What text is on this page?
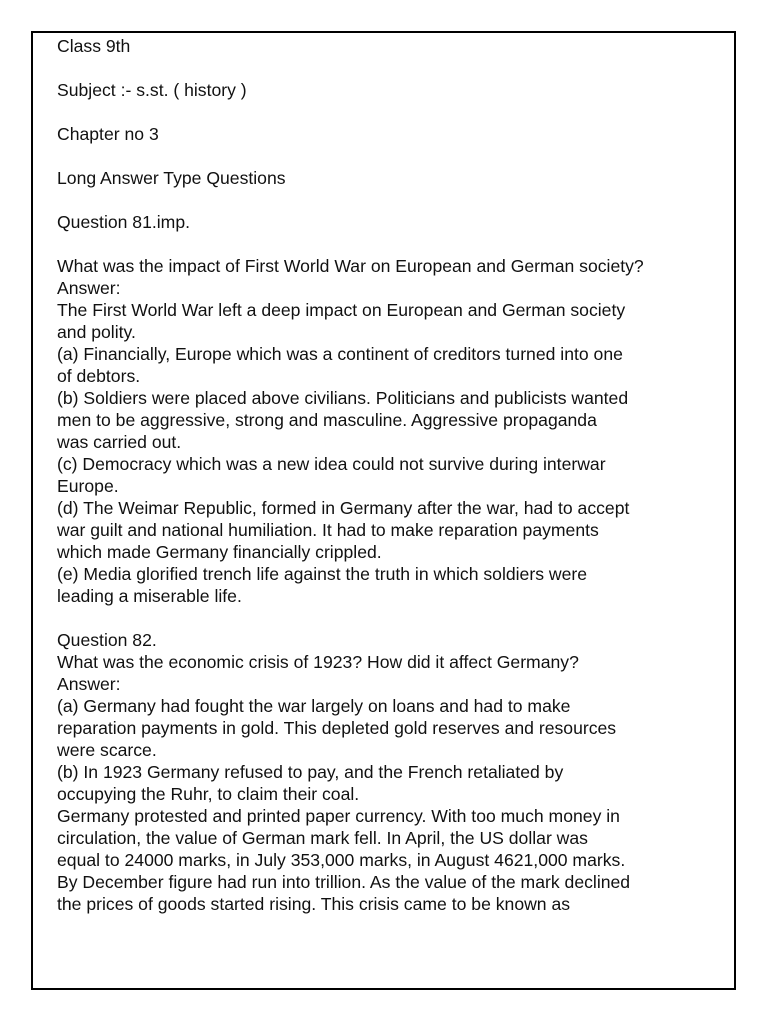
Class 9th
Subject :- s.st. ( history )
Chapter no 3
Long Answer Type Questions
Question 81.imp.
What was the impact of First World War on European and German society?
Answer:
The First World War left a deep impact on European and German society
and polity.
(a) Financially, Europe which was a continent of creditors turned into one
of debtors.
(b) Soldiers were placed above civilians. Politicians and publicists wanted
men to be aggressive, strong and masculine. Aggressive propaganda
was carried out.
(c) Democracy which was a new idea could not survive during interwar
Europe.
(d) The Weimar Republic, formed in Germany after the war, had to accept
war guilt and national humiliation. It had to make reparation payments
which made Germany financially crippled.
(e) Media glorified trench life against the truth in which soldiers were
leading a miserable life.
Question 82.
What was the economic crisis of 1923? How did it affect Germany?
Answer:
(a) Germany had fought the war largely on loans and had to make
reparation payments in gold. This depleted gold reserves and resources
were scarce.
(b) In 1923 Germany refused to pay, and the French retaliated by
occupying the Ruhr, to claim their coal.
Germany protested and printed paper currency. With too much money in
circulation, the value of German mark fell. In April, the US dollar was
equal to 24000 marks, in July 353,000 marks, in August 4621,000 marks.
By December figure had run into trillion. As the value of the mark declined
the prices of goods started rising. This crisis came to be known as
